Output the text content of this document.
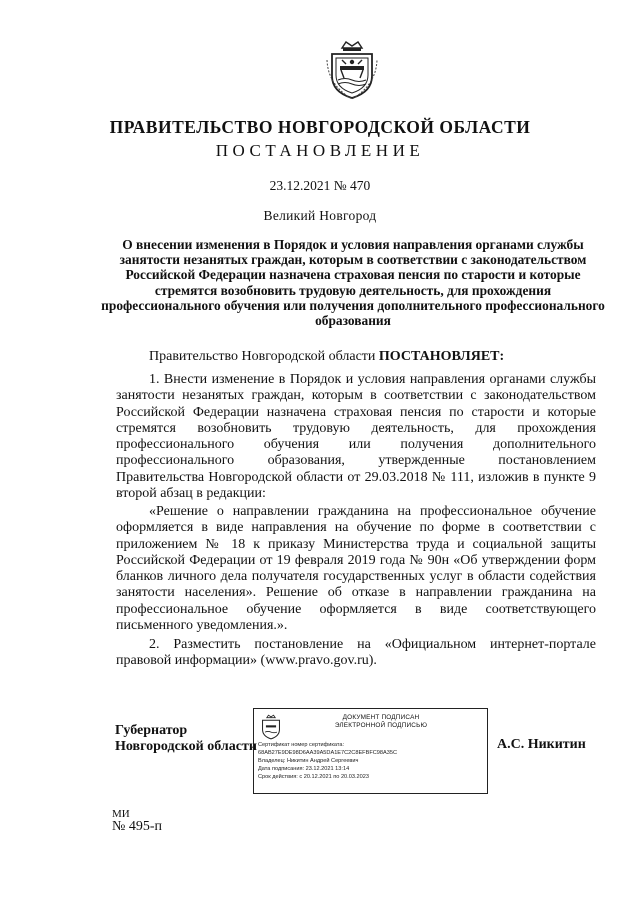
ПРАВИТЕЛЬСТВО НОВГОРОДСКОЙ ОБЛАСТИ
ПОСТАНОВЛЕНИЕ
23.12.2021 № 470
Великий Новгород
О внесении изменения в Порядок и условия направления органами службы занятости незанятых граждан, которым в соответствии с законодательством Российской Федерации назначена страховая пенсия по старости и которые стремятся возобновить трудовую деятельность, для прохождения профессионального обучения или получения дополнительного профессионального образования
Правительство Новгородской области ПОСТАНОВЛЯЕТ:
1. Внести изменение в Порядок и условия направления органами службы занятости незанятых граждан, которым в соответствии с законодательством Российской Федерации назначена страховая пенсия по старости и которые стремятся возобновить трудовую деятельность, для прохождения профессионального обучения или получения дополнительного профессионального образования, утвержденные постановлением Правительства Новгородской области от 29.03.2018 № 111, изложив в пункте 9 второй абзац в редакции:
«Решение о направлении гражданина на профессиональное обучение оформляется в виде направления на обучение по форме в соответствии с приложением № 18 к приказу Министерства труда и социальной защиты Российской Федерации от 19 февраля 2019 года № 90н «Об утверждении форм бланков личного дела получателя государственных услуг в области содействия занятости населения». Решение об отказе в направлении гражданина на профессиональное обучение оформляется в виде соответствующего письменного уведомления.».
2. Разместить постановление на «Официальном интернет-портале правовой информации» (www.pravo.gov.ru).
Губернатор
Новгородской области
ДОКУМЕНТ ПОДПИСАН
ЭЛЕКТРОННОЙ ПОДПИСЬЮ
Сертификат номер сертификата:
68AB27E9DE98D6AA39A5DA1E7C2C8EFBFC98A35C
Владелец: Никитин Андрей Сергеевич
Дата подписания: 23.12.2021 13:14
Срок действия: с 20.12.2021 по 20.03.2023
А.С. Никитин
МИ
№ 495-п
